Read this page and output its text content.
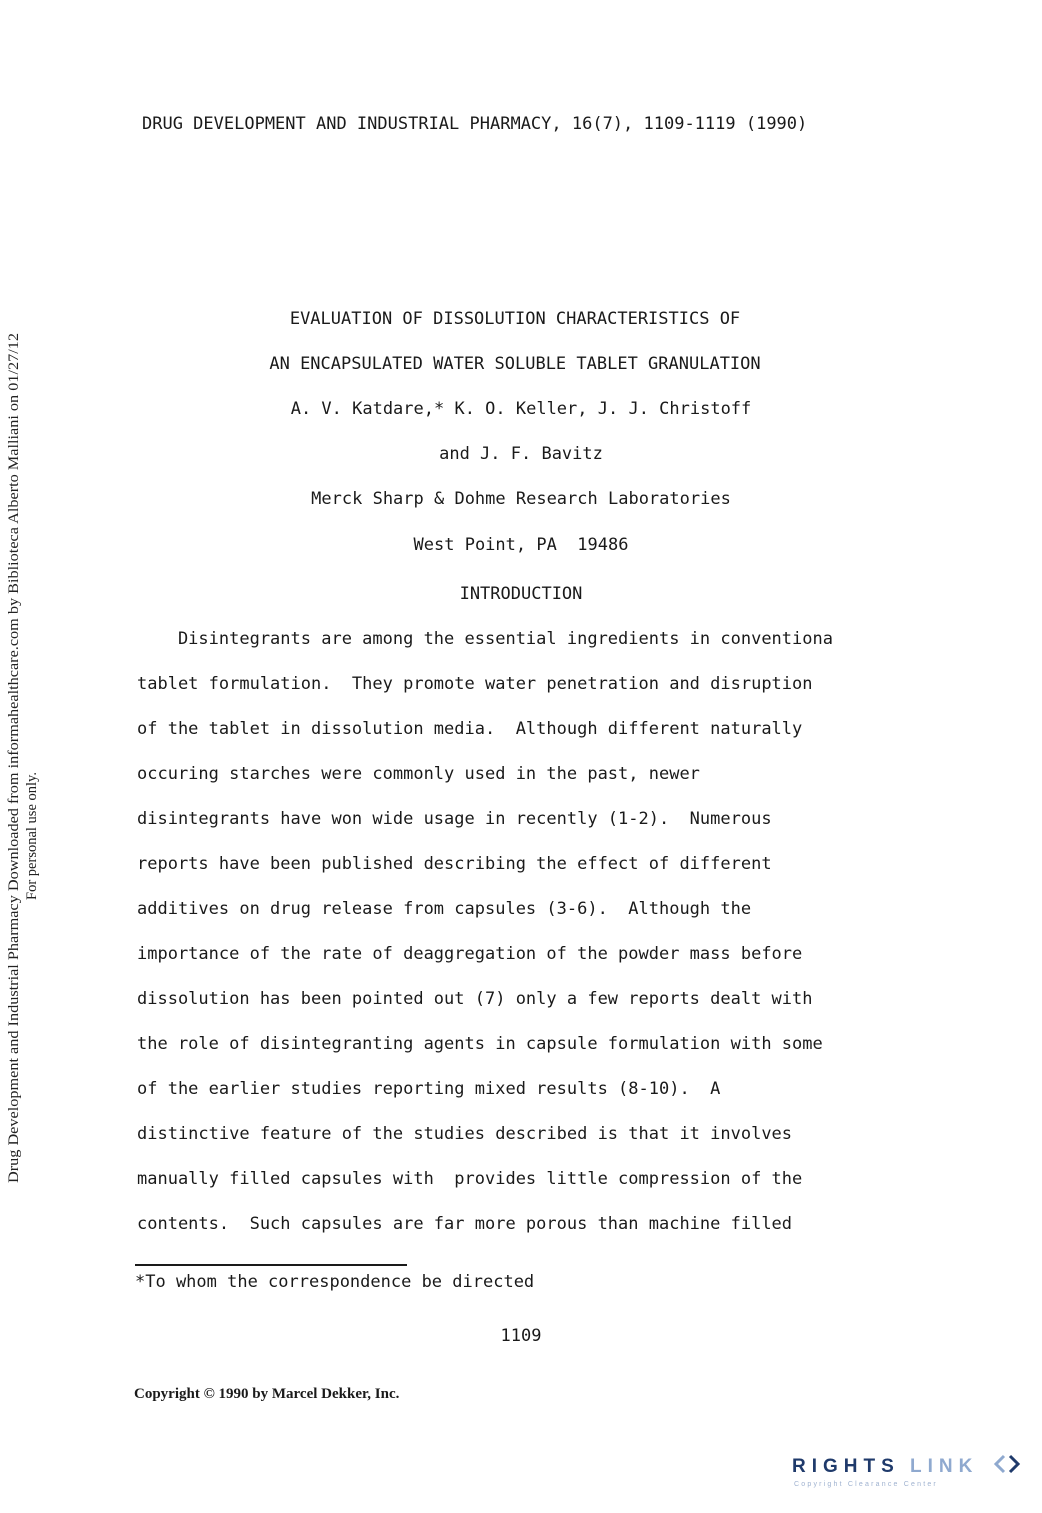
DRUG DEVELOPMENT AND INDUSTRIAL PHARMACY, 16(7), 1109-1119 (1990)
EVALUATION OF DISSOLUTION CHARACTERISTICS OF
AN ENCAPSULATED WATER SOLUBLE TABLET GRANULATION
A. V. Katdare,* K. O. Keller, J. J. Christoff
and J. F. Bavitz
Merck Sharp & Dohme Research Laboratories
West Point, PA  19486
INTRODUCTION
Disintegrants are among the essential ingredients in conventiona
tablet formulation.  They promote water penetration and disruption
of the tablet in dissolution media.  Although different naturally
occuring starches were commonly used in the past, newer
disintegrants have won wide usage in recently (1-2).  Numerous
reports have been published describing the effect of different
additives on drug release from capsules (3-6).  Although the
importance of the rate of deaggregation of the powder mass before
dissolution has been pointed out (7) only a few reports dealt with
the role of disintegranting agents in capsule formulation with some
of the earlier studies reporting mixed results (8-10).  A
distinctive feature of the studies described is that it involves
manually filled capsules with  provides little compression of the
contents.  Such capsules are far more porous than machine filled
*To whom the correspondence be directed
1109
Copyright © 1990 by Marcel Dekker, Inc.
Drug Development and Industrial Pharmacy Downloaded from informahealthcare.com by Biblioteca Alberto Malliani on 01/27/12 For personal use only.
RIGHTS LINK
Copyright Clearance Center
